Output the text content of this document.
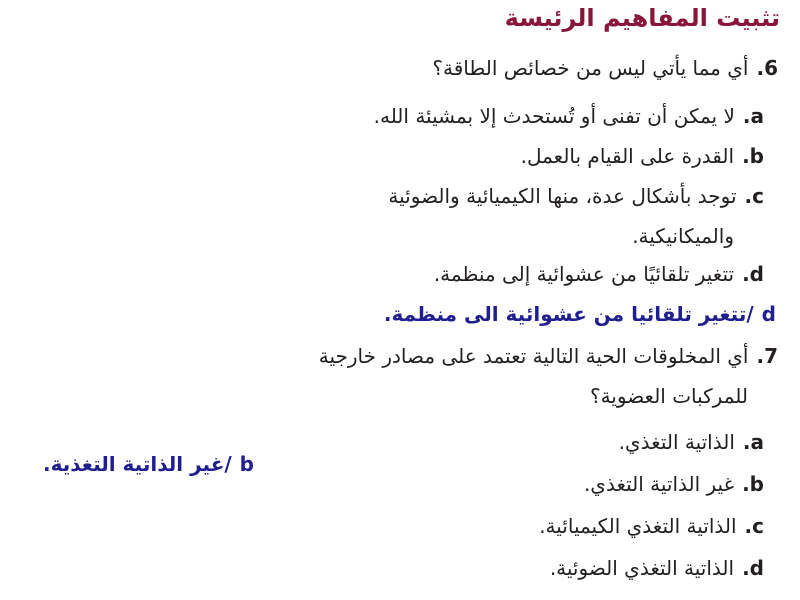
تثبيت المفاهيم الرئيسة
6.
أي مما يأتي ليس من خصائص الطاقة؟
a.
لا يمكن أن تفنى أو تُستحدث إلا بمشيئة الله.
b.
القدرة على القيام بالعمل.
c.
توجد بأشكال عدة، منها الكيميائية والضوئية
والميكانيكية.
d.
تتغير تلقائيًا من عشوائية إلى منظمة.
d
/تتغير تلقائيا من عشوائية الى منظمة.
7.
أي المخلوقات الحية التالية تعتمد على مصادر خارجية
للمركبات العضوية؟
a.
الذاتية التغذي.
b.
غير الذاتية التغذي.
c.
الذاتية التغذي الكيميائية.
d.
الذاتية التغذي الضوئية.
b
/غير الذاتية التغذية.
